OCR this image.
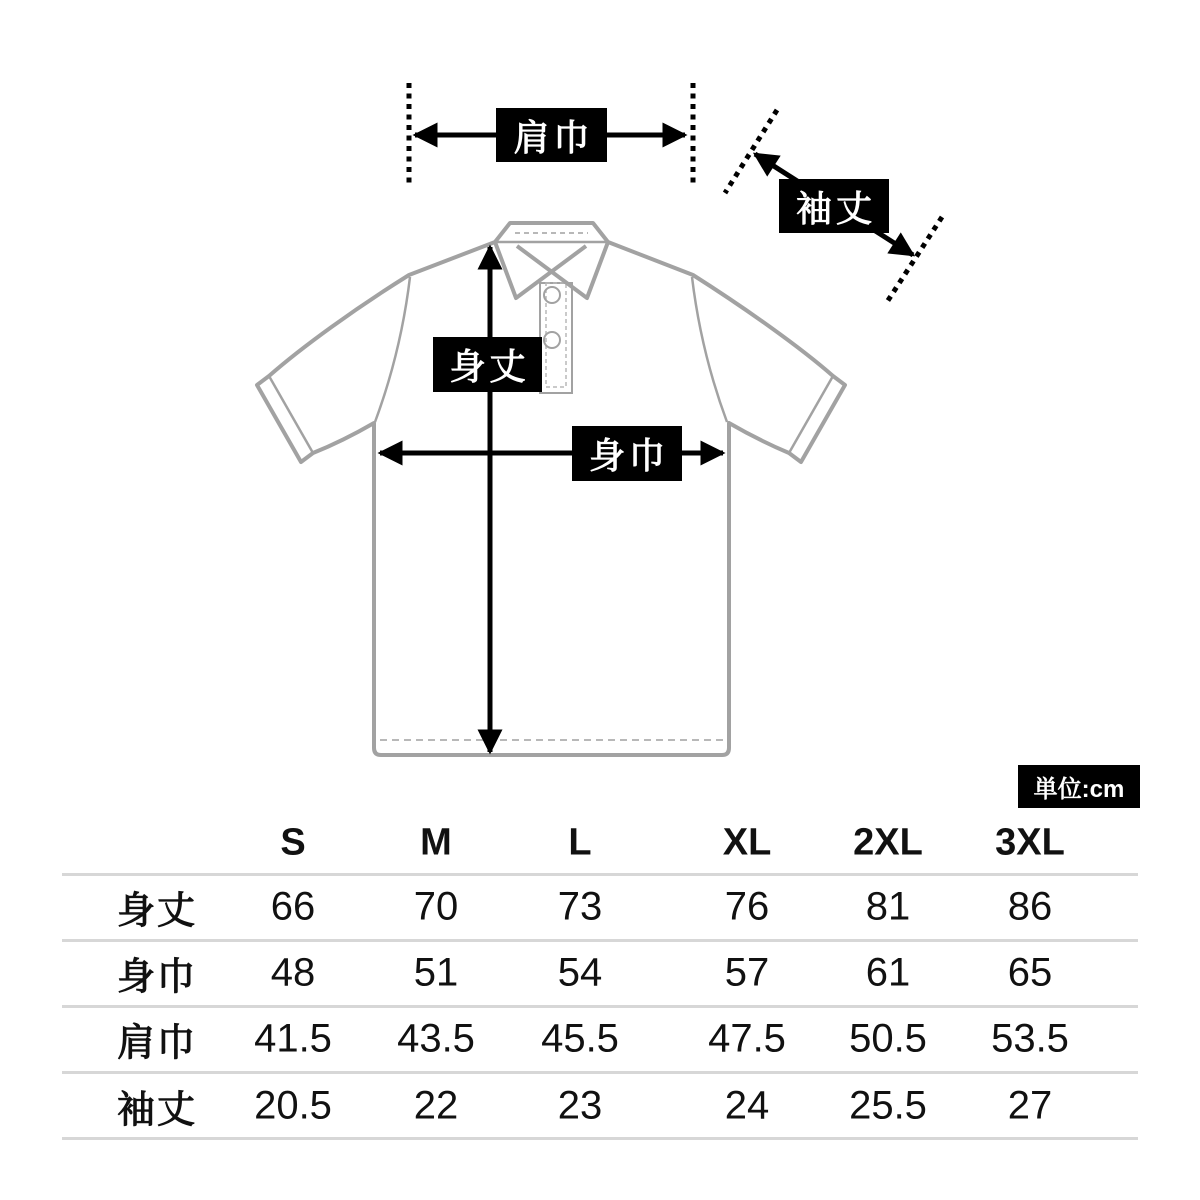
肩巾
袖丈
身丈
身巾
単位:cm
S	M	L	XL 2XL 3XL
身丈 66 70 73	76 81 86
身巾 48 51 54	57 61 65
肩巾 41.5 43.5 45.5 47.5 50.5 53.5
袖丈 20.5 22 23	24 25.5 27
